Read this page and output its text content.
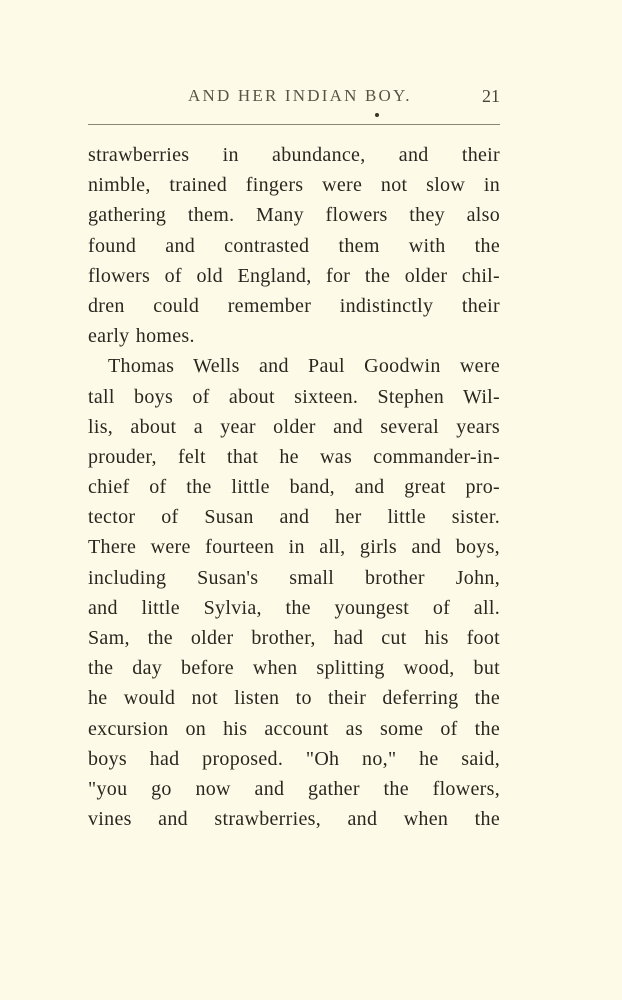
AND HER INDIAN BOY.	21
strawberries in abundance, and their
nimble, trained fingers were not slow in
gathering them. Many flowers they also
found and contrasted them with the
flowers of old England, for the older chil-
dren could remember indistinctly their
early homes.
Thomas Wells and Paul Goodwin were
tall boys of about sixteen. Stephen Wil-
lis, about a year older and several years
prouder, felt that he was commander-in-
chief of the little band, and great pro-
tector of Susan and her little sister.
There were fourteen in all, girls and boys,
including Susan's small brother John,
and little Sylvia, the youngest of all.
Sam, the older brother, had cut his foot
the day before when splitting wood, but
he would not listen to their deferring the
excursion on his account as some of the
boys had proposed. "Oh no," he said,
"you go now and gather the flowers,
vines and strawberries, and when the
